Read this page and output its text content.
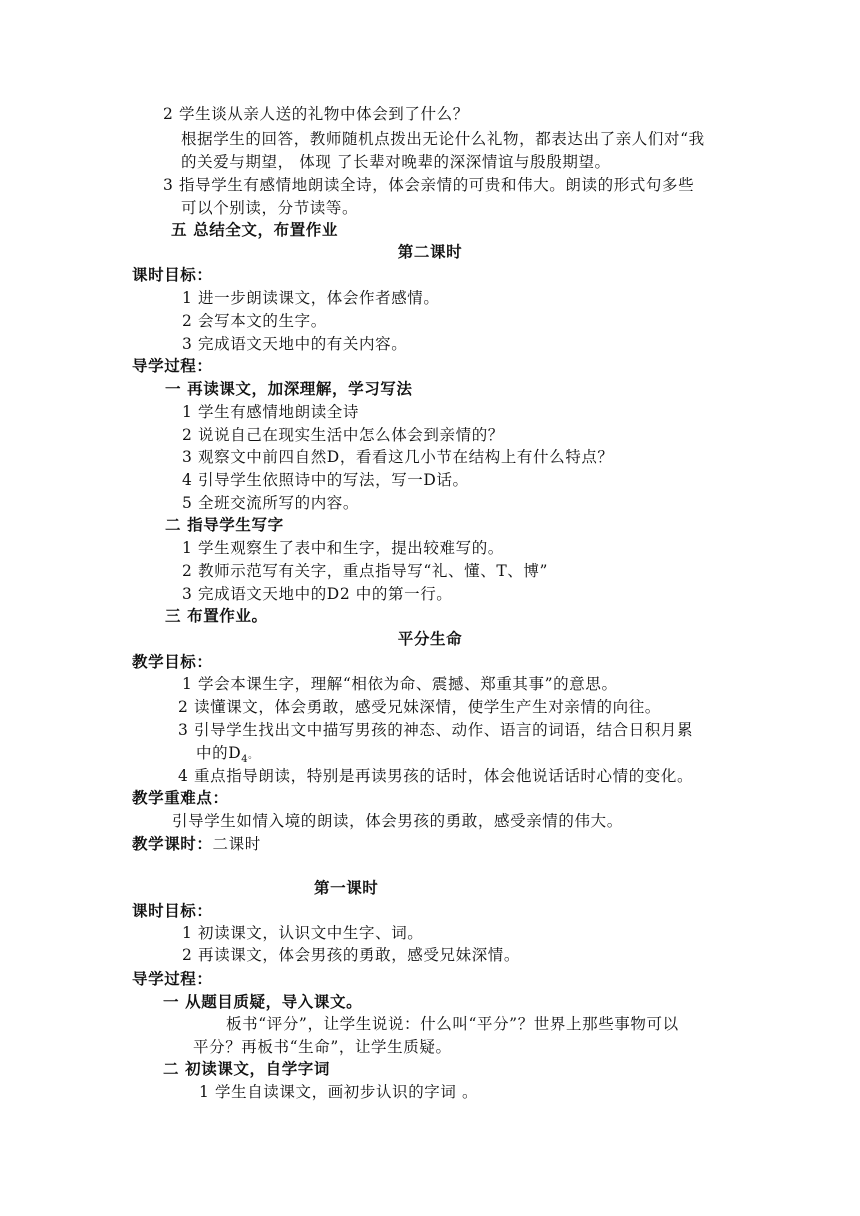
2 学生谈从亲人送的礼物中体会到了什么？
根据学生的回答，教师随机点拨出无论什么礼物，都表达出了亲人们对“我
的关爱与期望， 体现 了长辈对晚辈的深深情谊与殷殷期望。
3 指导学生有感情地朗读全诗，体会亲情的可贵和伟大。朗读的形式句多些
可以个别读，分节读等。
五 总结全文，布置作业
第二课时
课时目标：
1 进一步朗读课文，体会作者感情。
2 会写本文的生字。
3 完成语文天地中的有关内容。
导学过程：
一 再读课文，加深理解，学习写法
1 学生有感情地朗读全诗
2 说说自己在现实生活中怎么体会到亲情的？
3 观察文中前四自然D，看看这几小节在结构上有什么特点？
4 引导学生依照诗中的写法，写一D话。
5 全班交流所写的内容。
二 指导学生写字
1 学生观察生了表中和生字，提出较难写的。
2 教师示范写有关字，重点指导写“礼、懂、T、博”
3 完成语文天地中的D2 中的第一行。
三 布置作业。
平分生命
教学目标：
1 学会本课生字，理解“相依为命、震撼、郑重其事”的意思。
2 读懂课文，体会勇敢，感受兄妹深情，使学生产生对亲情的向往。
3 引导学生找出文中描写男孩的神态、动作、语言的词语，结合日积月累
中的$D_4$。
4 重点指导朗读，特别是再读男孩的话时，体会他说话话时心情的变化。
教学重难点：
引导学生如情入境的朗读，体会男孩的勇敢，感受亲情的伟大。
教学课时：二课时
第一课时
课时目标：
1 初读课文，认识文中生字、词。
2 再读课文，体会男孩的勇敢，感受兄妹深情。
导学过程：
一 从题目质疑，导入课文。
板书“评分”，让学生说说：什么叫“平分”？世界上那些事物可以
平分？再板书“生命”，让学生质疑。
二 初读课文，自学字词
1 学生自读课文，画初步认识的字词 。
